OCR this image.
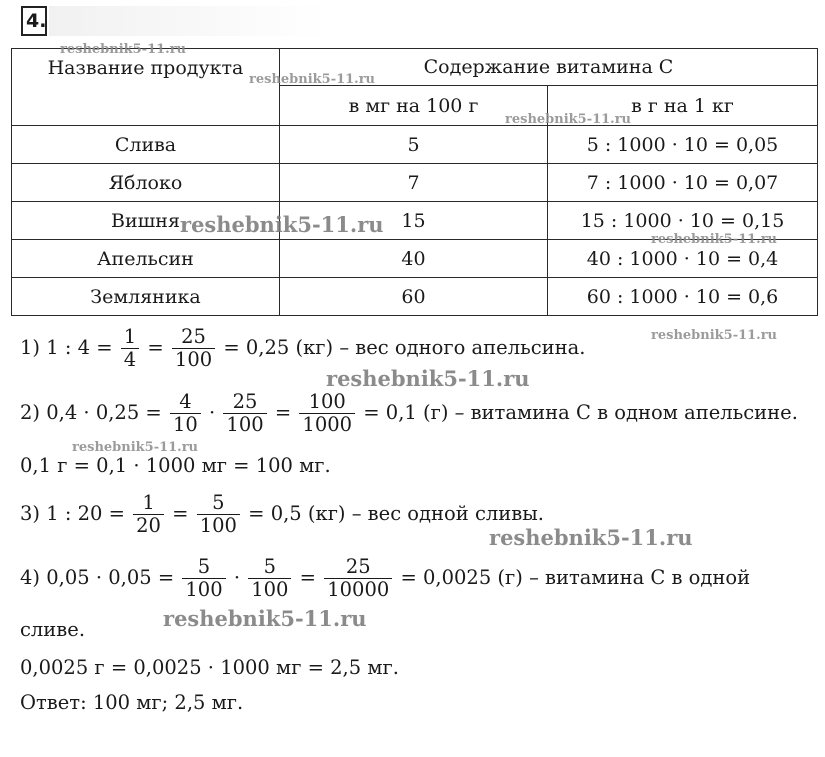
4.
Название продукта	Содержание витамина С	
	в мг на 100 г	в г на 1 кг
Слива	5	5 : 1000 · 10 = 0,05
Яблоко	7	7 : 1000 · 10 = 0,07
Вишня	15	15 : 1000 · 10 = 0,15
Апельсин	40	40 : 1000 · 10 = 0,4
Земляника	60	60 : 1000 · 10 = 0,6
1) 1 : $4 = \frac{1}{4} = \frac{25}{100} = 0,25$ (кг) – вес одного апельсина.
2) $0,4 \cdot 0,25 = \frac{4}{10} \cdot \frac{25}{100} = \frac{100}{1000} = 0,1$ (г) – витамина С в одном апельсине.
0,1 г = 0,1 · 1000 мг = 100 мг.
3) 1 : $20 = \frac{1}{20} = \frac{5}{100} = 0,5$ (кг) – вес одной сливы.
4) $0,05 \cdot 0,05 = \frac{5}{100} \cdot \frac{5}{100} = \frac{25}{10000} = 0,0025$ (г) – витамина С в одной
сливе.
0,0025 г = 0,0025 · 1000 мг = 2,5 мг.
Ответ: 100 мг; 2,5 мг.
reshebnik5-11.ru
reshebnik5-11.ru
reshebnik5-11.ru
reshebnik5-11.ru
reshebnik5-11.ru
reshebnik5-11.ru
reshebnik5-11.ru
reshebnik5-11.ru
reshebnik5-11.ru
reshebnik5-11.ru
